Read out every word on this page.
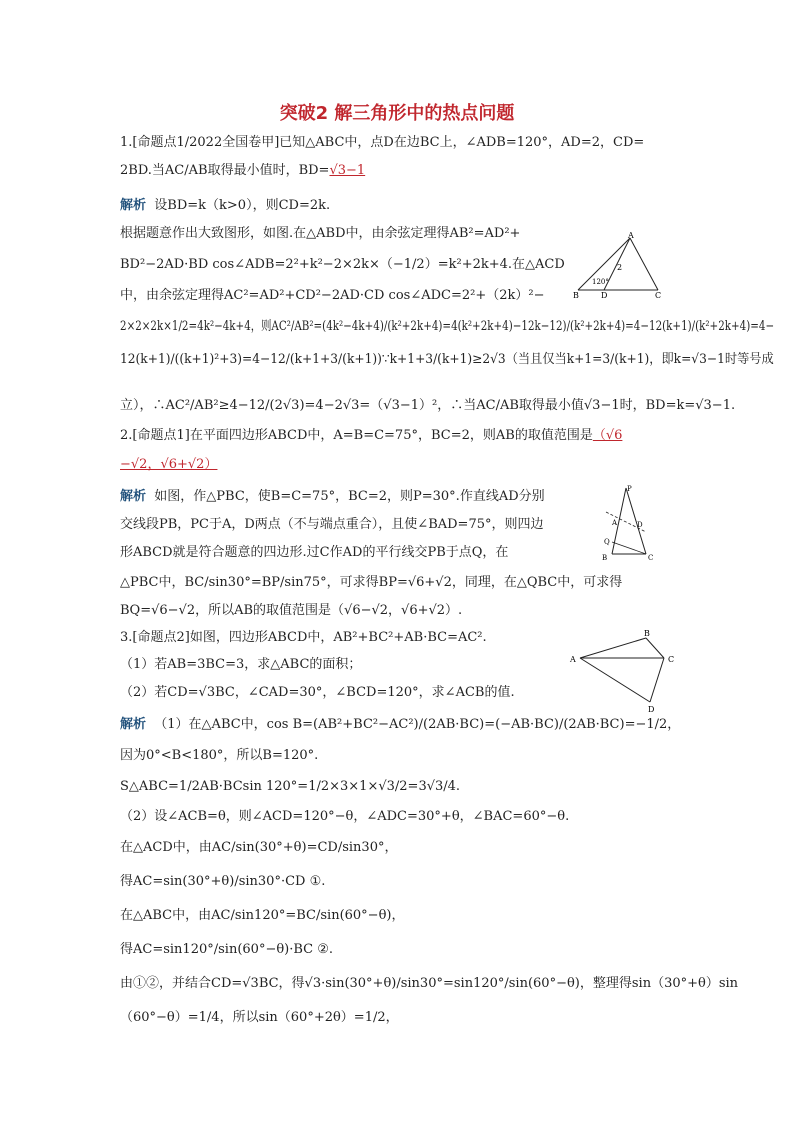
突破2 解三角形中的热点问题
1.[命题点1/2022全国卷甲]已知△ABC中，点D在边BC上，∠ADB=120°，AD=2，CD=
2BD.当AC/AB取得最小值时，BD=√3−1
解析 设BD=k（k>0），则CD=2k.
根据题意作出大致图形，如图.在△ABD中，由余弦定理得AB²=AD²+
BD²−2AD·BD cos∠ADB=2²+k²−2×2k×（−1/2）=k²+2k+4.在△ACD
中，由余弦定理得AC²=AD²+CD²−2AD·CD cos∠ADC=2²+（2k）²−
2×2×2k×1/2=4k²−4k+4，则AC²/AB²=(4k²−4k+4)/(k²+2k+4)=4(k²+2k+4)−12k−12)/(k²+2k+4)=4−12(k+1)/(k²+2k+4)=4−
12(k+1)/((k+1)²+3)=4−12/(k+1+3/(k+1))∵k+1+3/(k+1)≥2√3（当且仅当k+1=3/(k+1)，即k=√3−1时等号成
立），∴AC²/AB²≥4−12/(2√3)=4−2√3=（√3−1）²，∴当AC/AB取得最小值√3−1时，BD=k=√3−1.
2.[命题点1]在平面四边形ABCD中，A=B=C=75°，BC=2，则AB的取值范围是（√6
−√2，√6+√2）
解析 如图，作△PBC，使B=C=75°，BC=2，则P=30°.作直线AD分别
交线段PB，PC于A，D两点（不与端点重合），且使∠BAD=75°，则四边
形ABCD就是符合题意的四边形.过C作AD的平行线交PB于点Q，在
△PBC中，BC/sin30°=BP/sin75°，可求得BP=√6+√2，同理，在△QBC中，可求得
BQ=√6−√2，所以AB的取值范围是（√6−√2，√6+√2）.
3.[命题点2]如图，四边形ABCD中，AB²+BC²+AB·BC=AC².
（1）若AB=3BC=3，求△ABC的面积；
（2）若CD=√3BC，∠CAD=30°，∠BCD=120°，求∠ACB的值.
解析 （1）在△ABC中，cos B=(AB²+BC²−AC²)/(2AB·BC)=(−AB·BC)/(2AB·BC)=−1/2，
因为0°<B<180°，所以B=120°.
S△ABC=1/2AB·BCsin 120°=1/2×3×1×√3/2=3√3/4.
（2）设∠ACB=θ，则∠ACD=120°−θ，∠ADC=30°+θ，∠BAC=60°−θ.
在△ACD中，由AC/sin(30°+θ)=CD/sin30°，
得AC=sin(30°+θ)/sin30°·CD ①.
在△ABC中，由AC/sin120°=BC/sin(60°−θ)，
得AC=sin120°/sin(60°−θ)·BC ②.
由①②，并结合CD=√3BC，得√3·sin(30°+θ)/sin30°=sin120°/sin(60°−θ)，整理得sin（30°+θ）sin
（60°−θ）=1/4，所以sin（60°+2θ）=1/2，
A
B	D	C
2
120°
P
A	D
Q
B	C
A
B
C
D
